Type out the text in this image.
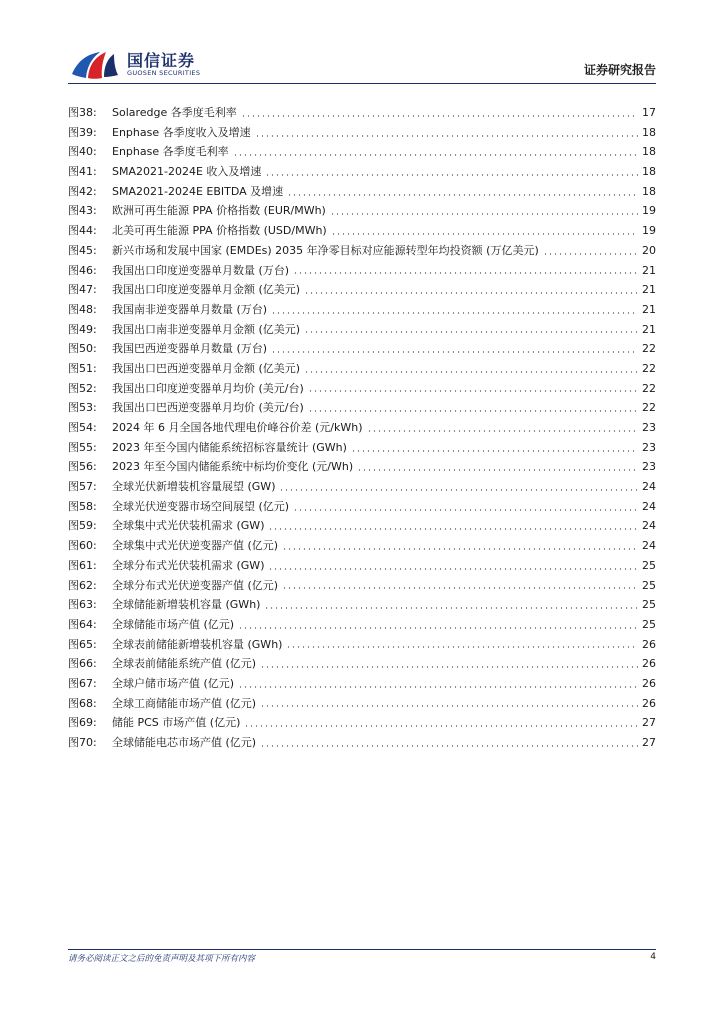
国信证券
GUOSEN SECURITIES	证券研究报告
图38:	Solaredge 各季度毛利率	17
图39:	Enphase 各季度收入及增速	18
图40:	Enphase 各季度毛利率	18
图41:	SMA2021-2024E 收入及增速	18
图42:	SMA2021-2024E EBITDA 及增速	18
图43:	欧洲可再生能源 PPA 价格指数 (EUR/MWh)	19
图44:	北美可再生能源 PPA 价格指数 (USD/MWh)	19
图45:	新兴市场和发展中国家 (EMDEs) 2035 年净零目标对应能源转型年均投资额 (万亿美元)	20
图46:	我国出口印度逆变器单月数量 (万台)	21
图47:	我国出口印度逆变器单月金额 (亿美元)	21
图48:	我国南非逆变器单月数量 (万台)	21
图49:	我国出口南非逆变器单月金额 (亿美元)	21
图50:	我国巴西逆变器单月数量 (万台)	22
图51:	我国出口巴西逆变器单月金额 (亿美元)	22
图52:	我国出口印度逆变器单月均价 (美元/台)	22
图53:	我国出口巴西逆变器单月均价 (美元/台)	22
图54:	2024 年 6 月全国各地代理电价峰谷价差 (元/kWh)	23
图55:	2023 年至今国内储能系统招标容量统计 (GWh)	23
图56:	2023 年至今国内储能系统中标均价变化 (元/Wh)	23
图57:	全球光伏新增装机容量展望 (GW)	24
图58:	全球光伏逆变器市场空间展望 (亿元)	24
图59:	全球集中式光伏装机需求 (GW)	24
图60:	全球集中式光伏逆变器产值 (亿元)	24
图61:	全球分布式光伏装机需求 (GW)	25
图62:	全球分布式光伏逆变器产值 (亿元)	25
图63:	全球储能新增装机容量 (GWh)	25
图64:	全球储能市场产值 (亿元)	25
图65:	全球表前储能新增装机容量 (GWh)	26
图66:	全球表前储能系统产值 (亿元)	26
图67:	全球户储市场产值 (亿元)	26
图68:	全球工商储能市场产值 (亿元)	26
图69:	储能 PCS 市场产值 (亿元)	27
图70:	全球储能电芯市场产值 (亿元)	27
请务必阅读正文之后的免责声明及其项下所有内容	4
